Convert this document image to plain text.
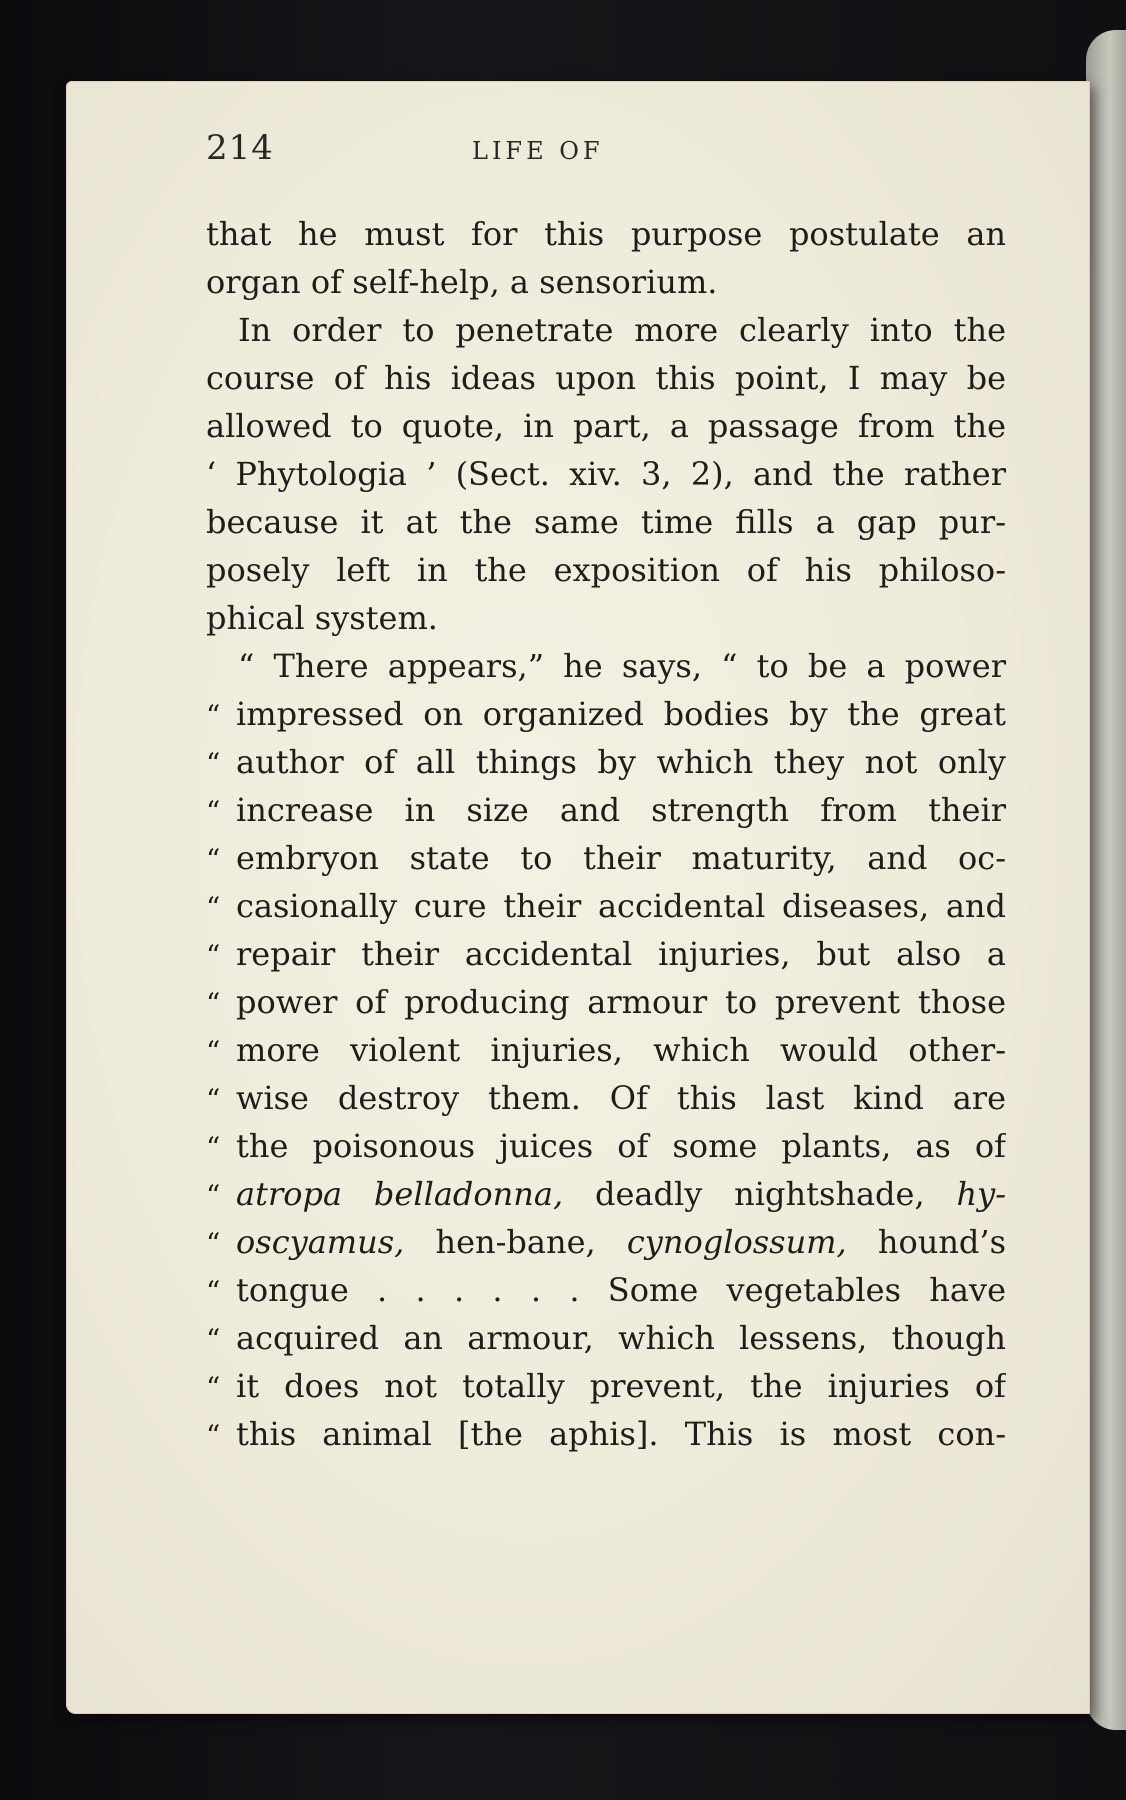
214	LIFE OF
that he must for this purpose postulate an
organ of self-help, a sensorium.
In order to penetrate more clearly into the
course of his ideas upon this point, I may be
allowed to quote, in part, a passage from the
‘ Phytologia ’ (Sect. xiv. 3, 2), and the rather
because it at the same time fills a gap pur-
posely left in the exposition of his philoso-
phical system.
“ There appears,” he says, “ to be a power
“ impressed on organized bodies by the great
“ author of all things by which they not only
“ increase in size and strength from their
“ embryon state to their maturity, and oc-
“ casionally cure their accidental diseases, and
“ repair their accidental injuries, but also a
“ power of producing armour to prevent those
“ more violent injuries, which would other-
“ wise destroy them. Of this last kind are
“ the poisonous juices of some plants, as of
“ atropa belladonna, deadly nightshade, hy-
“ oscyamus, hen-bane, cynoglossum, hound’s
“ tongue . . . . . . Some vegetables have
“ acquired an armour, which lessens, though
“ it does not totally prevent, the injuries of
“ this animal [the aphis]. This is most con-
